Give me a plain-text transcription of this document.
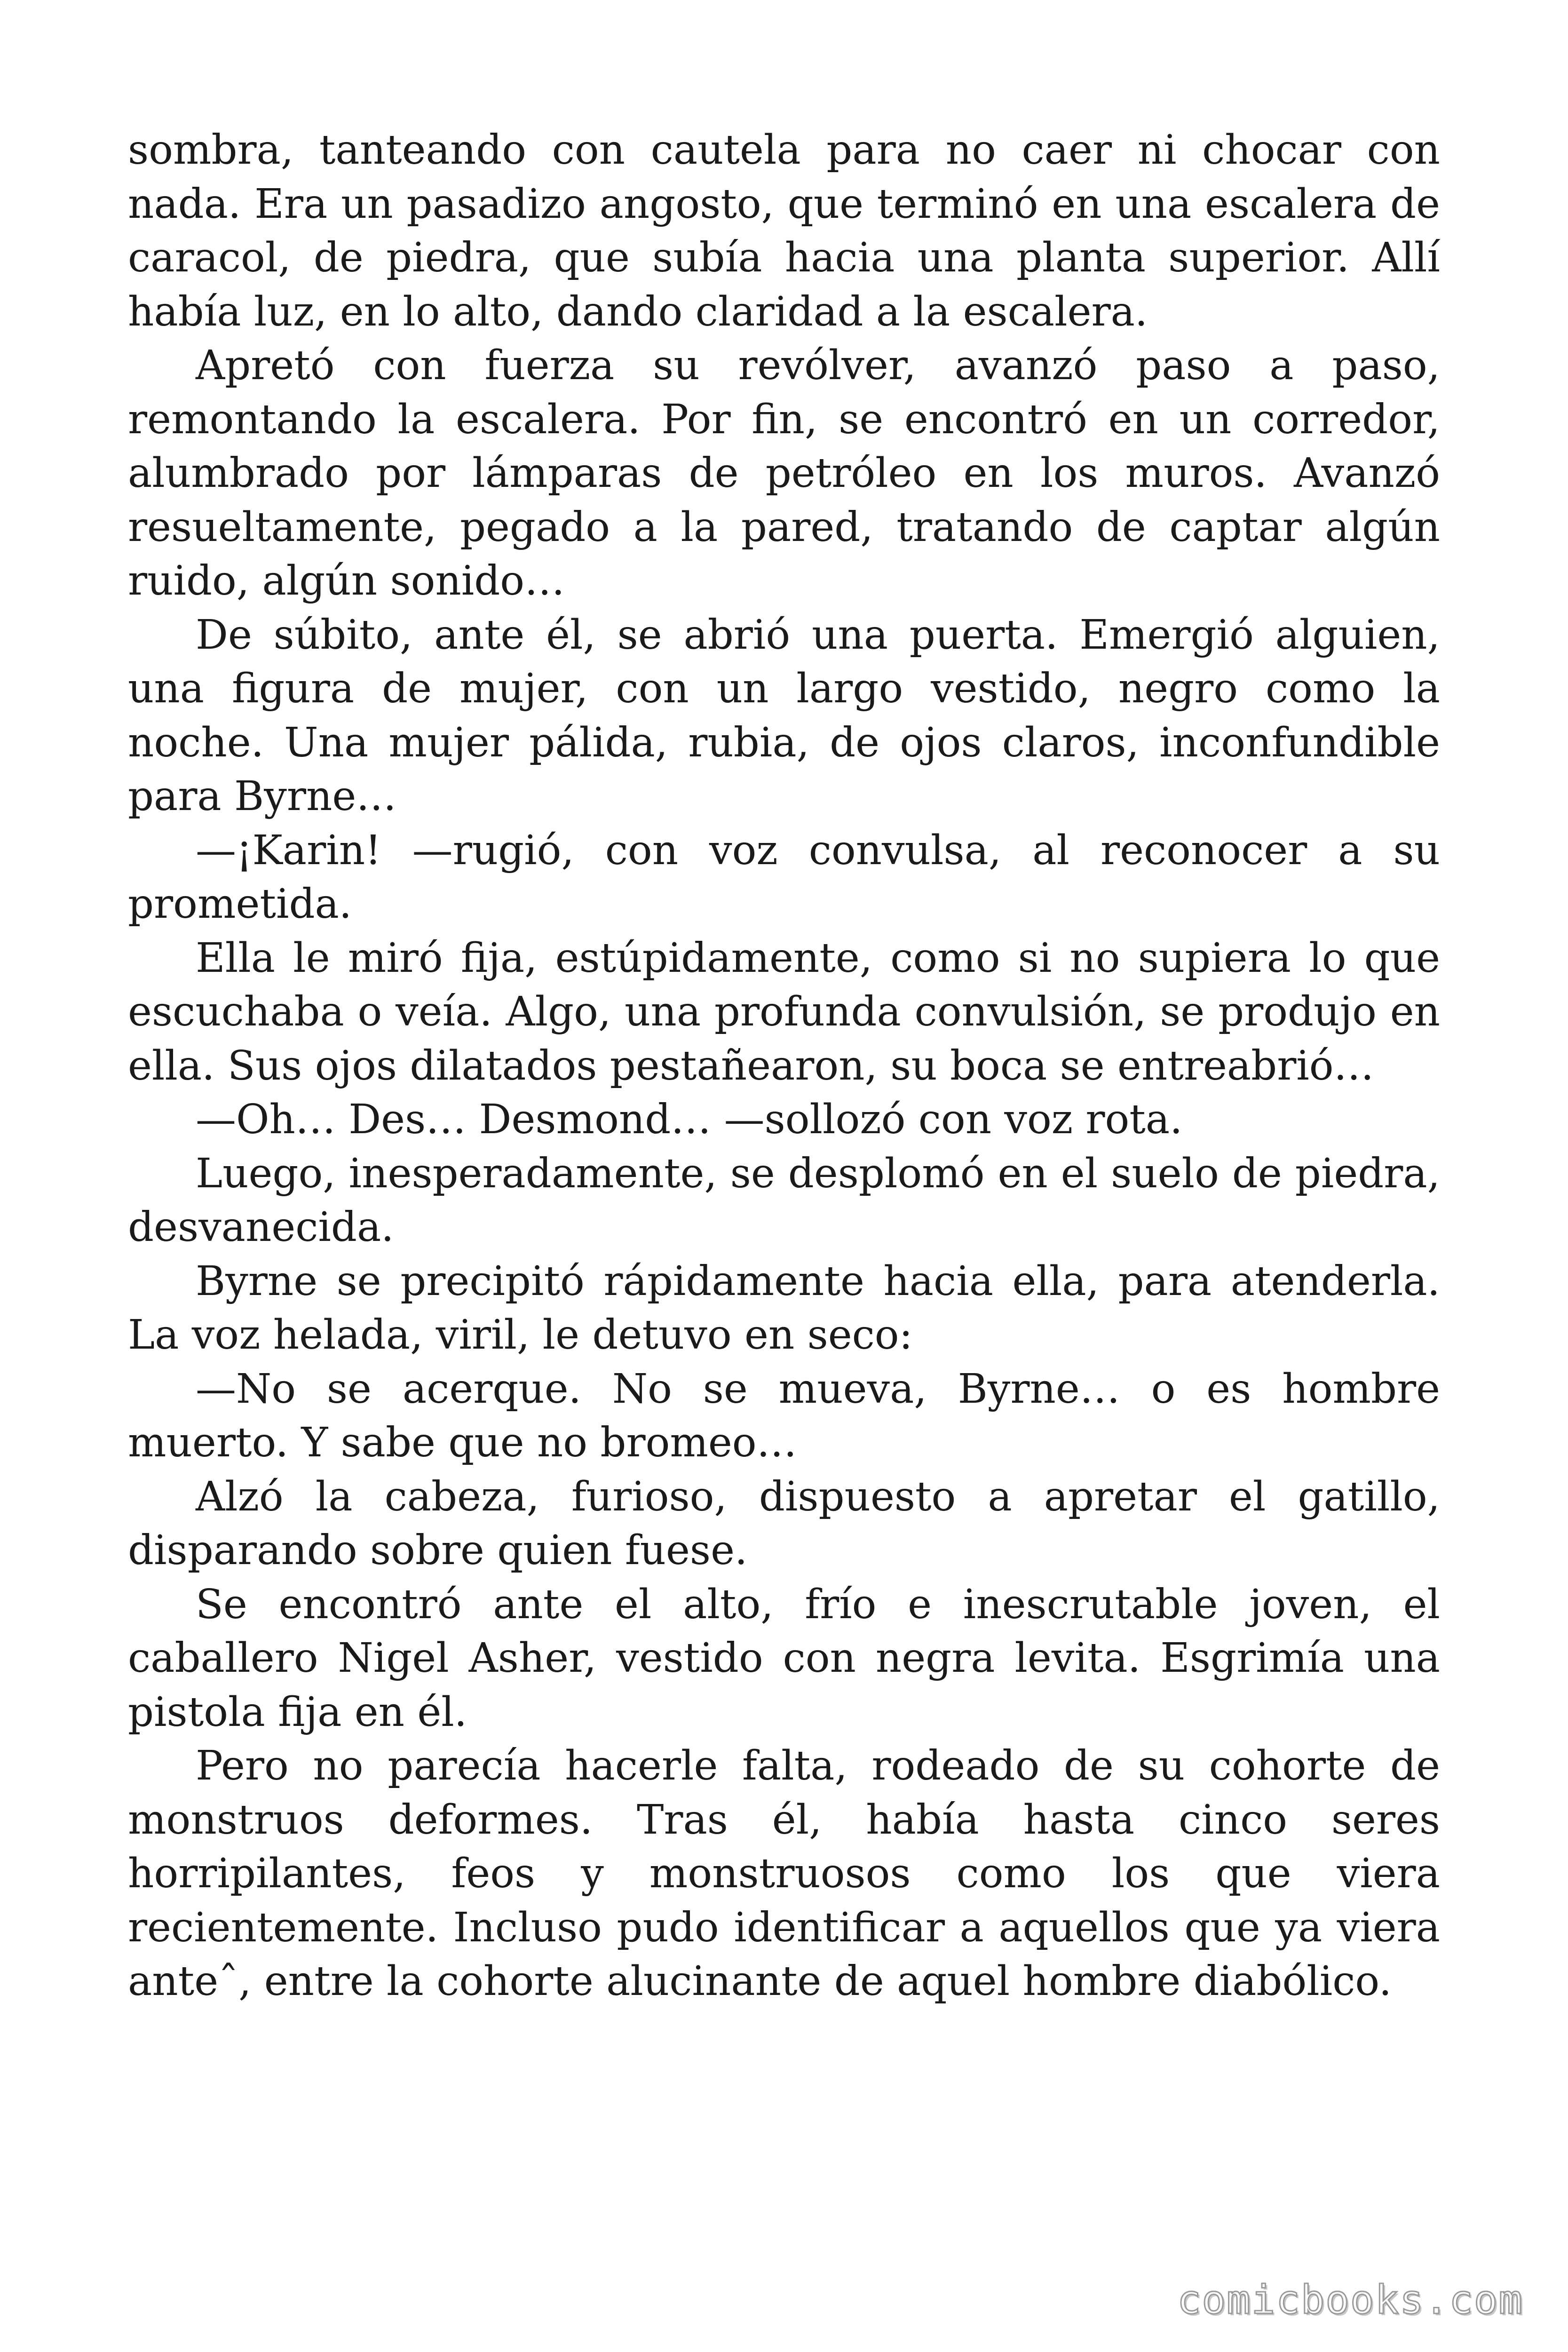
sombra, tanteando con cautela para no caer ni chocar con nada. Era un pasadizo angosto, que terminó en una escalera de caracol, de piedra, que subía hacia una planta superior. Allí había luz, en lo alto, dando claridad a la escalera.

Apretó con fuerza su revólver, avanzó paso a paso, remontando la escalera. Por fin, se encontró en un corredor, alumbrado por lámparas de petróleo en los muros. Avanzó resueltamente, pegado a la pared, tratando de captar algún ruido, algún sonido…

De súbito, ante él, se abrió una puerta. Emergió alguien, una figura de mujer, con un largo vestido, negro como la noche. Una mujer pálida, rubia, de ojos claros, inconfundible para Byrne…

—¡Karin! —rugió, con voz convulsa, al reconocer a su prometida.

Ella le miró fija, estúpidamente, como si no supiera lo que escuchaba o veía. Algo, una profunda convulsión, se produjo en ella. Sus ojos dilatados pestañearon, su boca se entreabrió…

—Oh… Des… Desmond… —sollozó con voz rota.

Luego, inesperadamente, se desplomó en el suelo de piedra, desvanecida.

Byrne se precipitó rápidamente hacia ella, para atenderla. La voz helada, viril, le detuvo en seco:

—No se acerque. No se mueva, Byrne… o es hombre muerto. Y sabe que no bromeo…

Alzó la cabeza, furioso, dispuesto a apretar el gatillo, disparando sobre quien fuese.

Se encontró ante el alto, frío e inescrutable joven, el caballero Nigel Asher, vestido con negra levita. Esgrimía una pistola fija en él.

Pero no parecía hacerle falta, rodeado de su cohorte de monstruos deformes. Tras él, había hasta cinco seres horripilantes, feos y monstruosos como los que viera recientemente. Incluso pudo identificar a aquellos que ya viera anteˆ, entre la cohorte alucinante de aquel hombre diabólico.

comicbooks.com
